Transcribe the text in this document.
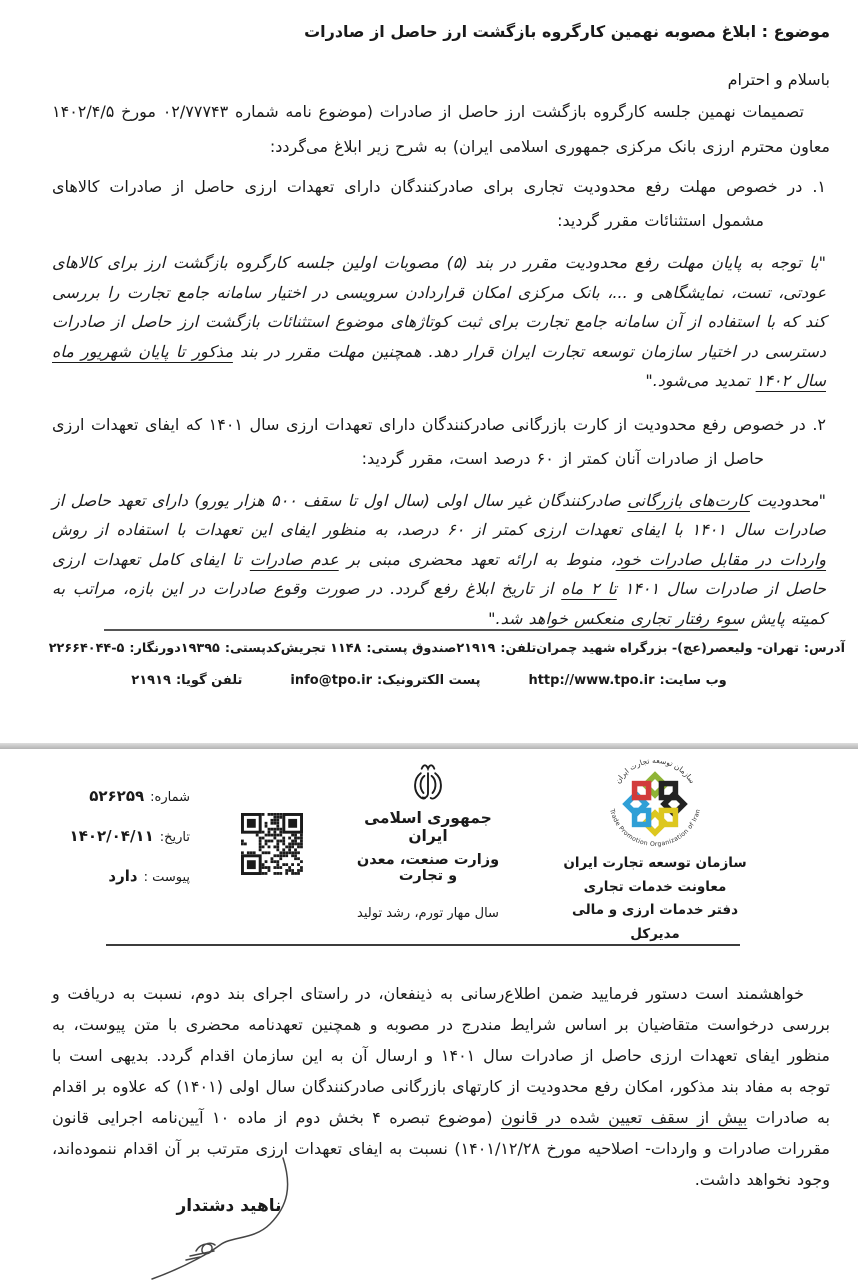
موضوع : ابلاغ مصوبه نهمین کارگروه بازگشت ارز حاصل از صادرات
باسلام و احترام

تصمیمات نهمین جلسه کارگروه بازگشت ارز حاصل از صادرات (موضوع نامه شماره ۰۲/۷۷۷۴۳ مورخ ۱۴۰۲/۴/۵ معاون محترم ارزی بانک مرکزی جمهوری اسلامی ایران) به شرح زیر ابلاغ می‌گردد:

۱. در خصوص مهلت رفع محدودیت تجاری برای صادرکنندگان دارای تعهدات ارزی حاصل از صادرات کالاهای مشمول استثنائات مقرر گردید:

"با توجه به پایان مهلت رفع محدودیت مقرر در بند (۵) مصوبات اولین جلسه کارگروه بازگشت ارز برای کالاهای عودتی، تست، نمایشگاهی و ...، بانک مرکزی امکان قراردادن سرویسی در اختیار سامانه جامع تجارت را بررسی کند که با استفاده از آن سامانه جامع تجارت برای ثبت کوتاژهای موضوع استثنائات بازگشت ارز حاصل از صادرات دسترسی در اختیار سازمان توسعه تجارت ایران قرار دهد. همچنین مهلت مقرر در بند مذکور تا پایان شهریور ماه سال ۱۴۰۲ تمدید می‌شود."

۲. در خصوص رفع محدودیت از کارت بازرگانی صادرکنندگان دارای تعهدات ارزی سال ۱۴۰۱ که ایفای تعهدات ارزی حاصل از صادرات آنان کمتر از ۶۰ درصد است، مقرر گردید:

"محدودیت کارت‌های بازرگانی صادرکنندگان غیر سال اولی (سال اول تا سقف ۵۰۰ هزار یورو) دارای تعهد حاصل از صادرات سال ۱۴۰۱ با ایفای تعهدات ارزی کمتر از ۶۰ درصد، به منظور ایفای این تعهدات با استفاده از روش واردات در مقابل صادرات خود، منوط به ارائه تعهد محضری مبنی بر عدم صادرات تا ایفای کامل تعهدات ارزی حاصل از صادرات سال ۱۴۰۱ تا ۲ ماه از تاریخ ابلاغ رفع گردد. در صورت وقوع صادرات در این بازه، مراتب به کمیته پایش سوء رفتار تجاری منعکس خواهد شد."

آدرس:تهران- ولیعصر(عج)- بزرگراه شهید چمران
تلفن:۲۱۹۱۹
صندوق پستی:۱۱۴۸ تجریش
کدپستی:۱۹۳۹۵
دورنگار:۵-۲۲۶۶۴۰۴۴
وب سایت:http://www.tpo.ir
پست الکترونیک:info@tpo.ir
تلفن گویا:۲۱۹۱۹
سازمان توسعه تجارت ایران
Trade Promotion Organization of Iran
سازمان توسعه تجارت ایران
معاونت خدمات تجاری
دفتر خدمات ارزی و مالی
مدیرکل
جمهوری اسلامی ایران
وزارت صنعت، معدن و تجارت
سال مهار تورم، رشد تولید
شماره:۵۲۶۲۵۹
تاریخ:۱۴۰۲/۰۴/۱۱
پیوست :دارد

خواهشمند است دستور فرمایید ضمن اطلاع‌رسانی به ذینفعان، در راستای اجرای بند دوم، نسبت به دریافت و بررسی درخواست متقاضیان بر اساس شرایط مندرج در مصوبه و همچنین تعهدنامه محضری با متن پیوست، به منظور ایفای تعهدات ارزی حاصل از صادرات سال ۱۴۰۱ و ارسال آن به این سازمان اقدام گردد. بدیهی است با توجه به مفاد بند مذکور، امکان رفع محدودیت از کارتهای بازرگانی صادرکنندگان سال اولی (۱۴۰۱) که علاوه بر اقدام به صادرات بیش از سقف تعیین شده در قانون (موضوع تبصره ۴ بخش دوم از ماده ۱۰ آیین‌نامه اجرایی قانون مقررات صادرات و واردات- اصلاحیه مورخ ۱۴۰۱/۱۲/۲۸) نسبت به ایفای تعهدات ارزی مترتب بر آن اقدام ننموده‌اند، وجود نخواهد داشت.

ناهید دشتدار
